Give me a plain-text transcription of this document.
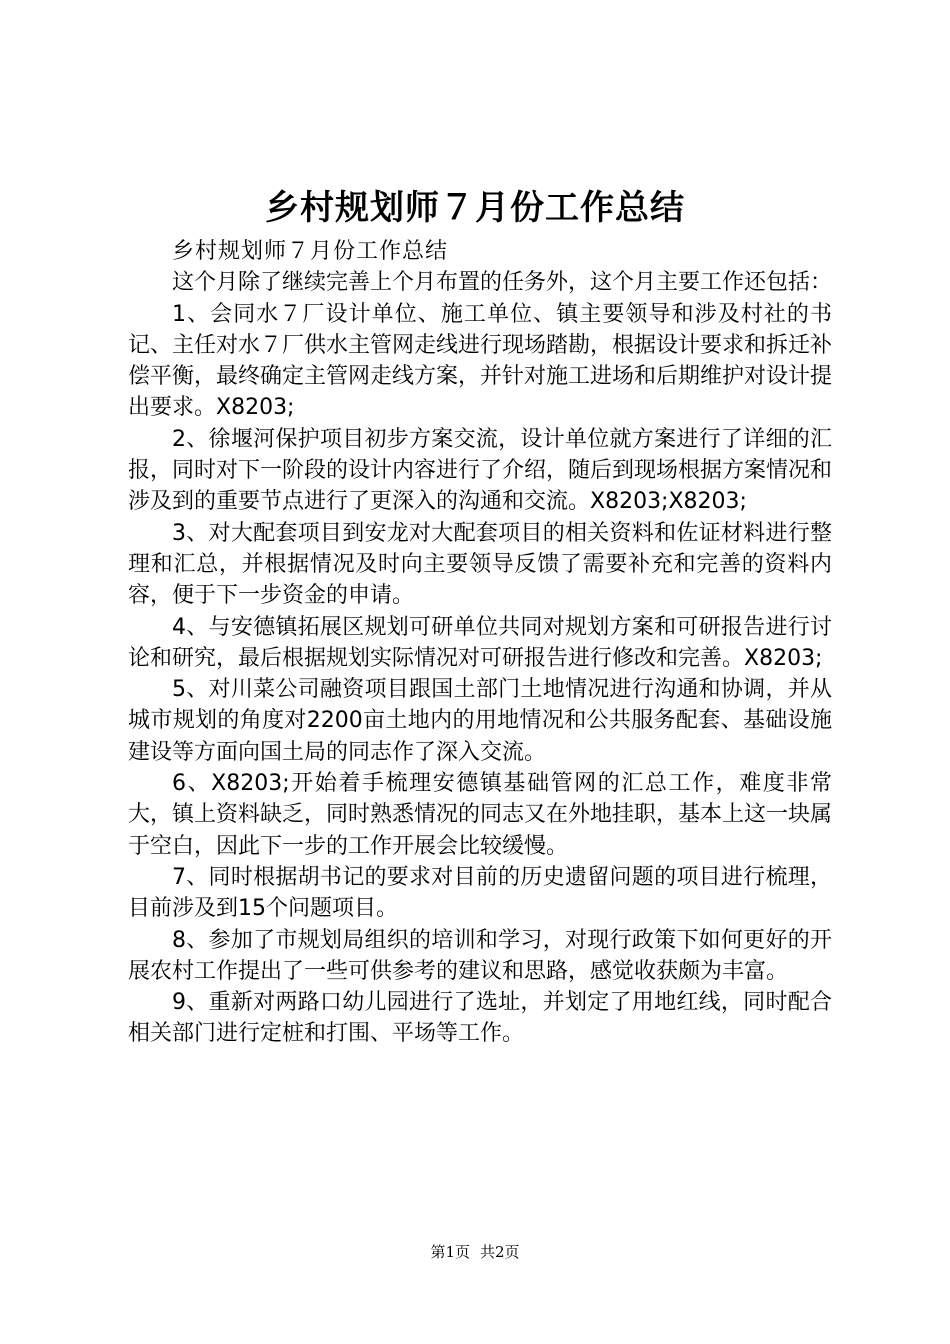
乡村规划师７月份工作总结

乡村规划师７月份工作总结

这个月除了继续完善上个月布置的任务外，这个月主要工作还包括：

1、会同水７厂设计单位、施工单位、镇主要领导和涉及村社的书记、主任对水７厂供水主管网走线进行现场踏勘，根据设计要求和拆迁补偿平衡，最终确定主管网走线方案，并针对施工进场和后期维护对设计提出要求。X8203;

2、徐堰河保护项目初步方案交流，设计单位就方案进行了详细的汇报，同时对下一阶段的设计内容进行了介绍，随后到现场根据方案情况和涉及到的重要节点进行了更深入的沟通和交流。X8203;X8203;

3、对大配套项目到安龙对大配套项目的相关资料和佐证材料进行整理和汇总，并根据情况及时向主要领导反馈了需要补充和完善的资料内容，便于下一步资金的申请。

4、与安德镇拓展区规划可研单位共同对规划方案和可研报告进行讨论和研究，最后根据规划实际情况对可研报告进行修改和完善。X8203;

5、对川菜公司融资项目跟国土部门土地情况进行沟通和协调，并从城市规划的角度对2200亩土地内的用地情况和公共服务配套、基础设施建设等方面向国土局的同志作了深入交流。

6、X8203;开始着手梳理安德镇基础管网的汇总工作，难度非常大，镇上资料缺乏，同时熟悉情况的同志又在外地挂职，基本上这一块属于空白，因此下一步的工作开展会比较缓慢。

7、同时根据胡书记的要求对目前的历史遗留问题的项目进行梳理，目前涉及到15个问题项目。

8、参加了市规划局组织的培训和学习，对现行政策下如何更好的开展农村工作提出了一些可供参考的建议和思路，感觉收获颇为丰富。

9、重新对两路口幼儿园进行了选址，并划定了用地红线，同时配合相关部门进行定桩和打围、平场等工作。

第1页 共2页
